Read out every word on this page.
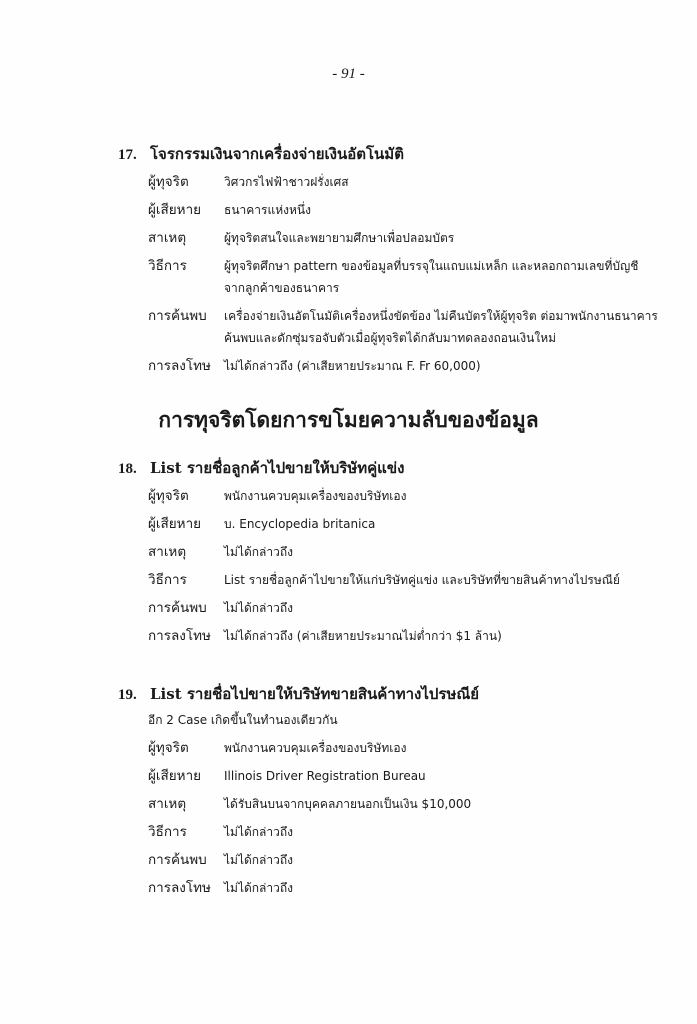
- 91 -
17. โจรกรรมเงินจากเครื่องจ่ายเงินอัตโนมัติ
ผู้ทุจริต	วิศวกรไฟฟ้าชาวฝรั่งเศส
ผู้เสียหาย	ธนาคารแห่งหนึ่ง
สาเหตุ	ผู้ทุจริตสนใจและพยายามศึกษาเพื่อปลอมบัตร
วิธีการ	ผู้ทุจริตศึกษา pattern ของข้อมูลที่บรรจุในแถบแม่เหล็ก และหลอกถามเลขที่บัญชีจากลูกค้าของธนาคาร
การค้นพบ	เครื่องจ่ายเงินอัตโนมัติเครื่องหนึ่งขัดข้อง ไม่คืนบัตรให้ผู้ทุจริต ต่อมาพนักงานธนาคารค้นพบและดักซุ่มรอจับตัวเมื่อผู้ทุจริตได้กลับมาทดลองถอนเงินใหม่
การลงโทษ	ไม่ได้กล่าวถึง (ค่าเสียหายประมาณ F. Fr 60,000)
การทุจริตโดยการขโมยความลับของข้อมูล
18. List รายชื่อลูกค้าไปขายให้บริษัทคู่แข่ง
ผู้ทุจริต	พนักงานควบคุมเครื่องของบริษัทเอง
ผู้เสียหาย	บ. Encyclopedia britanica
สาเหตุ	ไม่ได้กล่าวถึง
วิธีการ	List รายชื่อลูกค้าไปขายให้แก่บริษัทคู่แข่ง และบริษัทที่ขายสินค้าทางไปรษณีย์
การค้นพบ	ไม่ได้กล่าวถึง
การลงโทษ	ไม่ได้กล่าวถึง (ค่าเสียหายประมาณไม่ต่ำกว่า $1 ล้าน)
19. List รายชื่อไปขายให้บริษัทขายสินค้าทางไปรษณีย์
อีก 2 Case เกิดขึ้นในทำนองเดียวกัน
ผู้ทุจริต	พนักงานควบคุมเครื่องของบริษัทเอง
ผู้เสียหาย	Illinois Driver Registration Bureau
สาเหตุ	ได้รับสินบนจากบุคคลภายนอกเป็นเงิน $10,000
วิธีการ	ไม่ได้กล่าวถึง
การค้นพบ	ไม่ได้กล่าวถึง
การลงโทษ	ไม่ได้กล่าวถึง
